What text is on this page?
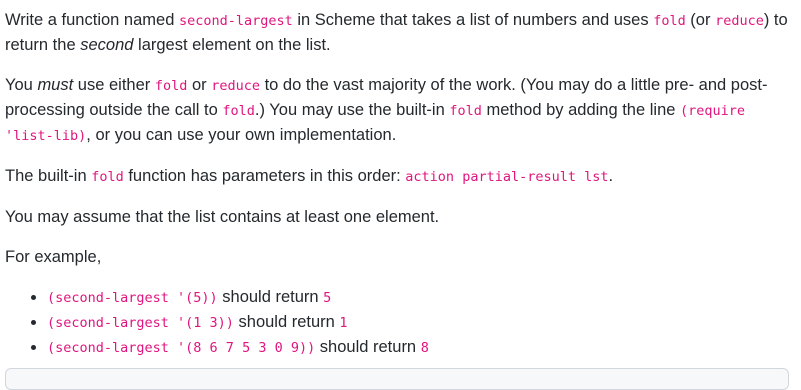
Write a function named second-largest in Scheme that takes a list of numbers and uses fold (or reduce) to return the second largest element on the list.

You must use either fold or reduce to do the vast majority of the work. (You may do a little pre- and post-processing outside the call to fold.) You may use the built-in fold method by adding the line (require 'list-lib), or you can use your own implementation.

The built-in fold function has parameters in this order: action partial-result lst.

You may assume that the list contains at least one element.

For example,

• (second-largest '(5)) should return 5
• (second-largest '(1 3)) should return 1
• (second-largest '(8 6 7 5 3 0 9)) should return 8
